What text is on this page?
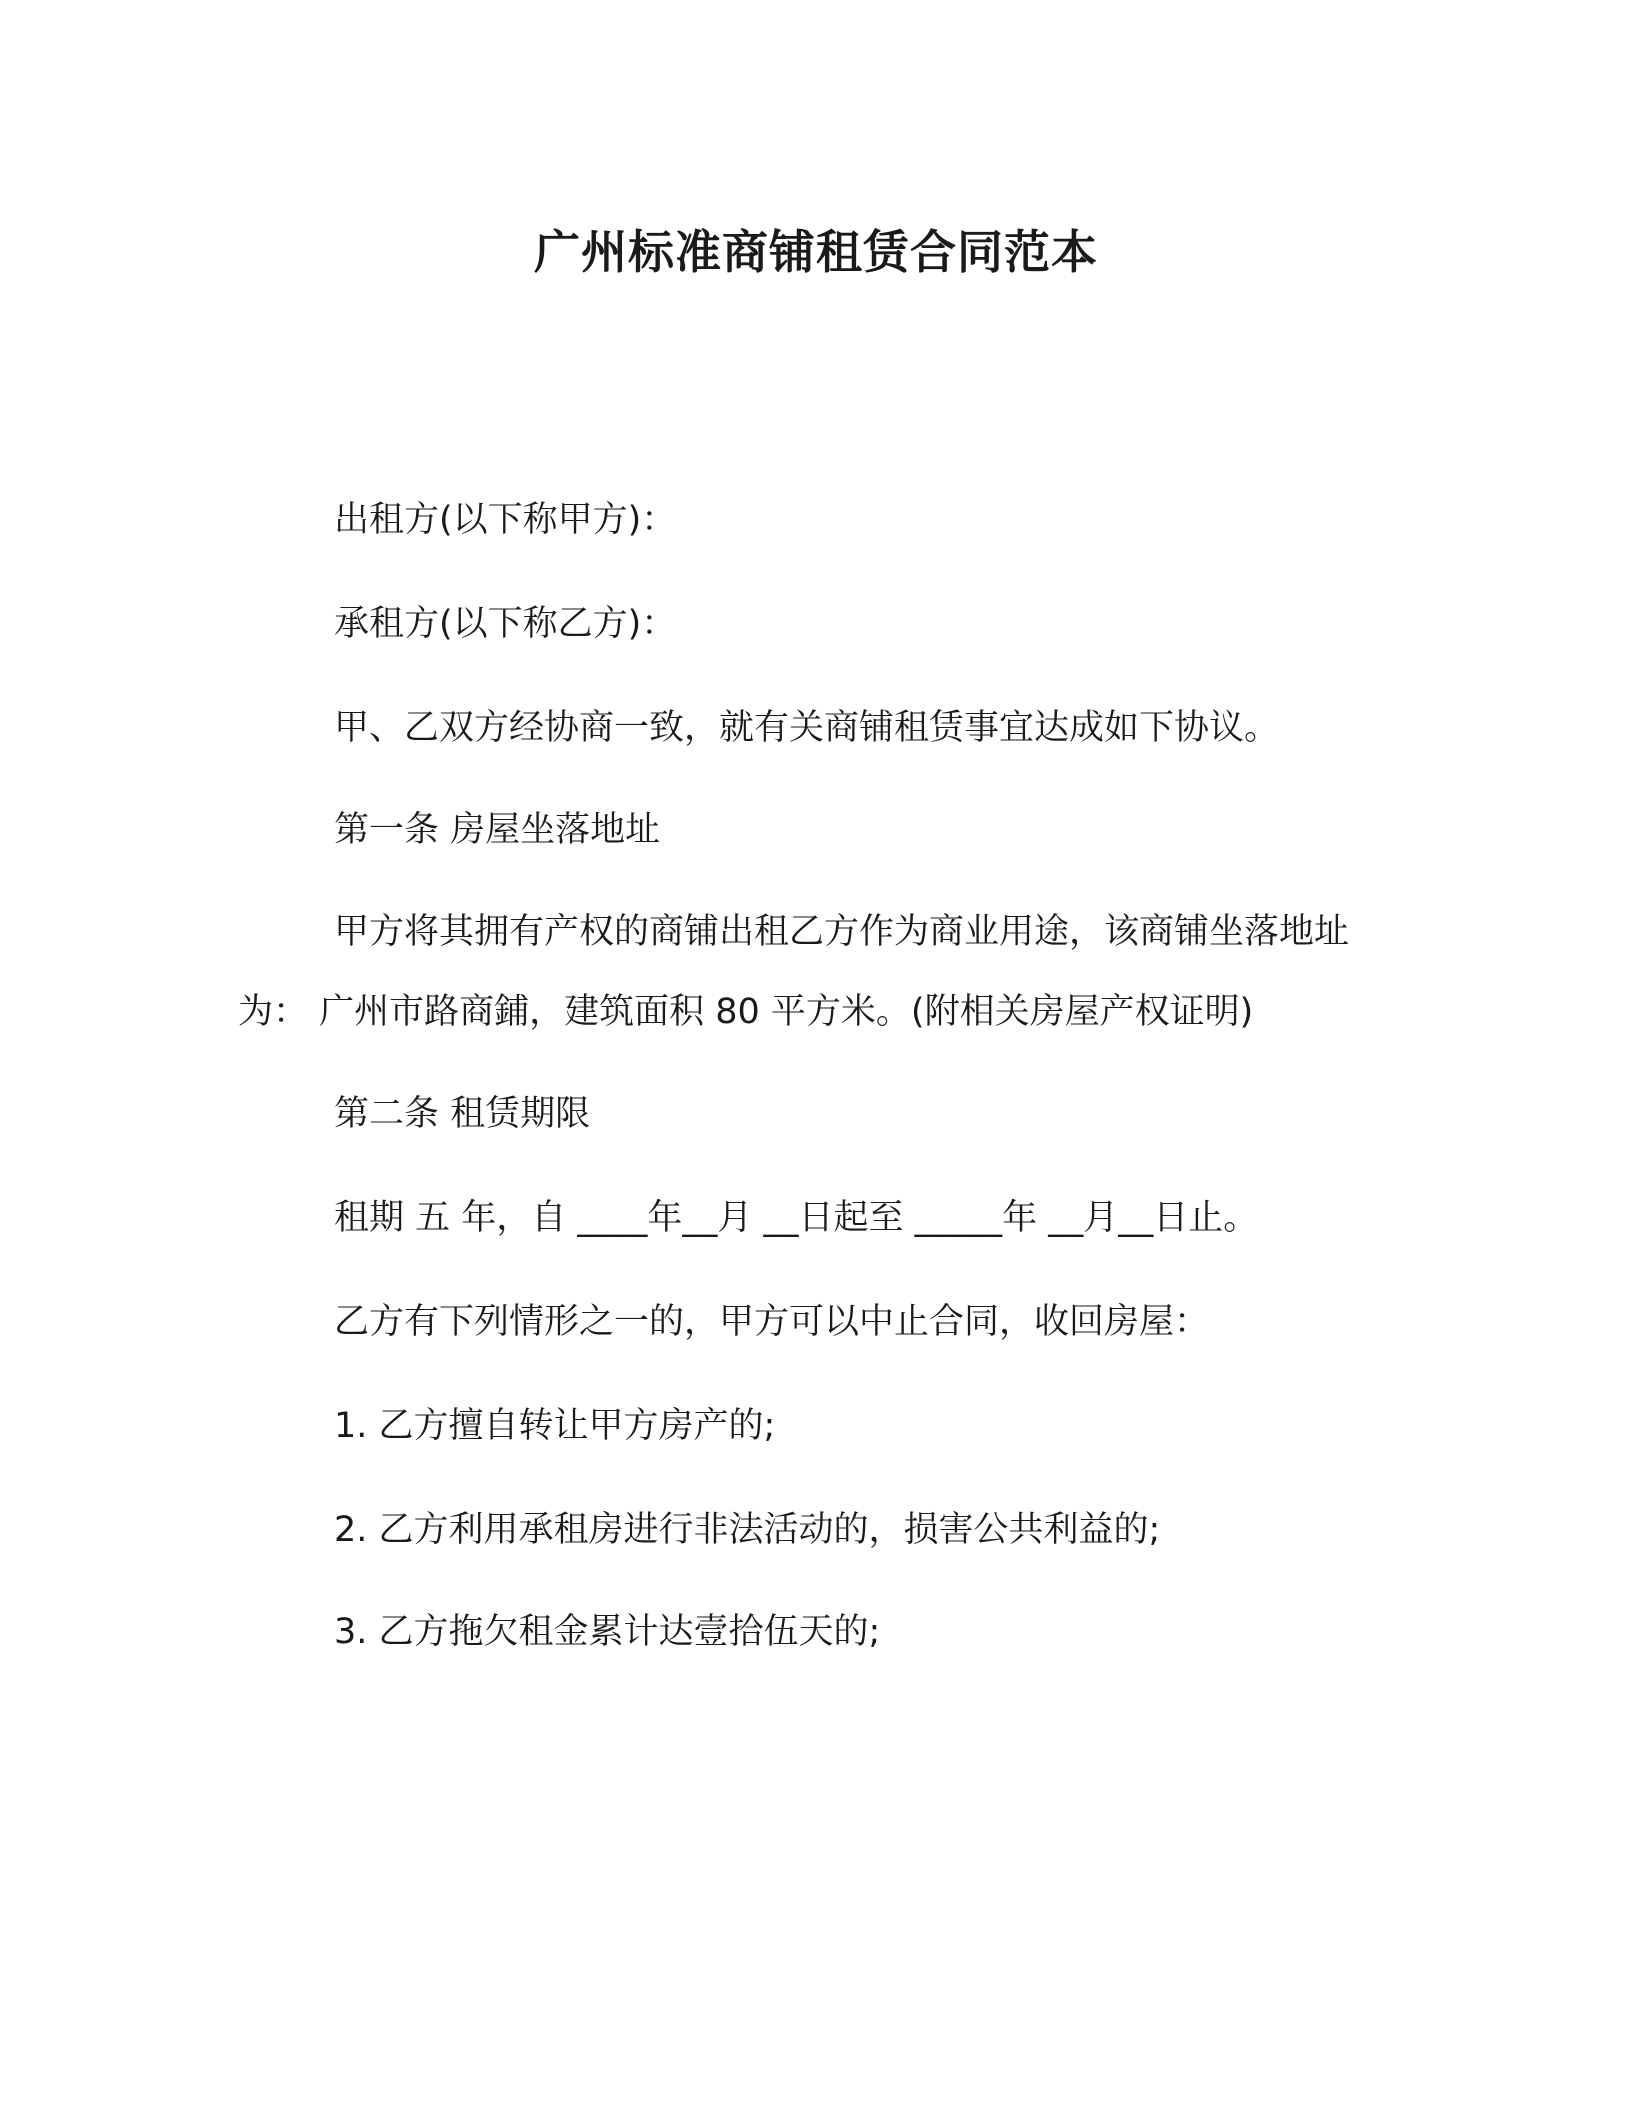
广州标准商铺租赁合同范本

出租方(以下称甲方)：

承租方(以下称乙方)：

甲、乙双方经协商一致，就有关商铺租赁事宜达成如下协议。

第一条 房屋坐落地址

甲方将其拥有产权的商铺出租乙方作为商业用途，该商铺坐落地址为： 广州市路商鋪，建筑面积 80 平方米。(附相关房屋产权证明)

第二条 租赁期限

租期 五 年，自 ____年__月 __日起至 _____年 __月__日止。

乙方有下列情形之一的，甲方可以中止合同，收回房屋：

1. 乙方擅自转让甲方房产的;

2. 乙方利用承租房进行非法活动的，损害公共利益的;

3. 乙方拖欠租金累计达壹拾伍天的;
